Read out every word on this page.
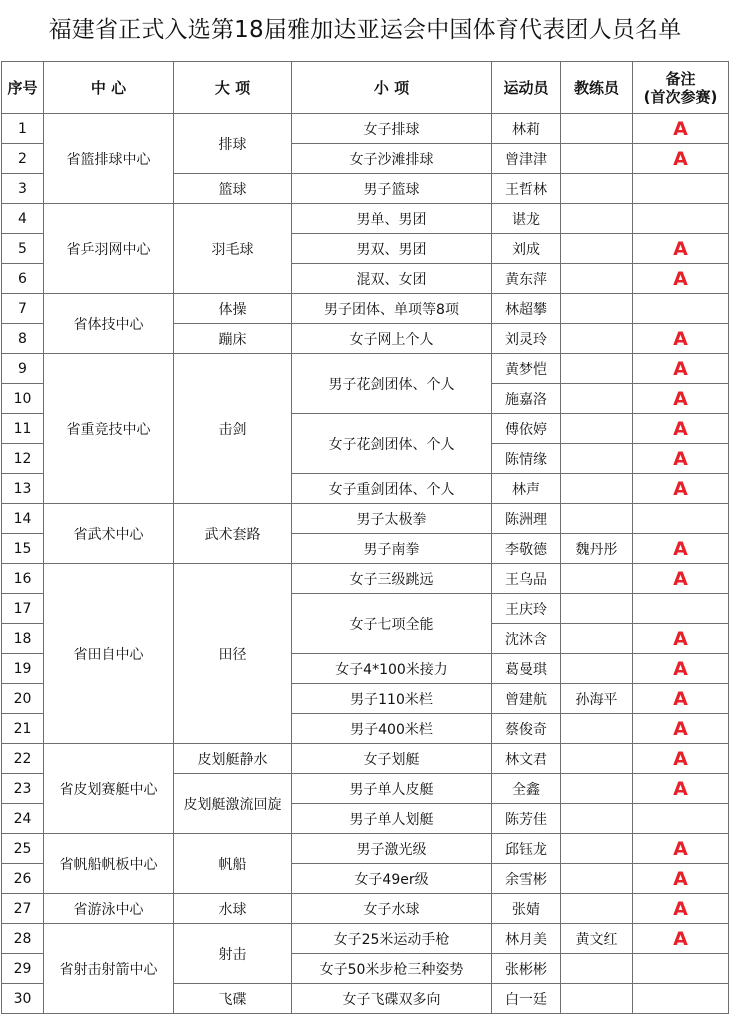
福建省正式入选第18届雅加达亚运会中国体育代表团人员名单
序号	中 心	大 项	小 项	运动员	教练员	备注
(首次参赛)
1	省篮排球中心	排球	女子排球	林莉		A
2			女子沙滩排球	曾津津		A
3		篮球	男子篮球	王哲林		
4	省乒羽网中心	羽毛球	男单、男团	谌龙		
5			男双、男团	刘成		A
6			混双、女团	黄东萍		A
7	省体技中心	体操	男子团体、单项等8项	林超攀		
8		蹦床	女子网上个人	刘灵玲		A
9	省重竞技中心	击剑	男子花剑团体、个人	黄梦恺		A
10				施嘉洛		A
11			女子花剑团体、个人	傅依婷		A
12				陈情缘		A
13			女子重剑团体、个人	林声		A
14	省武术中心	武术套路	男子太极拳	陈洲理		
15			男子南拳	李敬德	魏丹彤	A
16	省田自中心	田径	女子三级跳远	王乌品		A
17			女子七项全能	王庆玲		
18				沈沐含		A
19			女子4*100米接力	葛曼琪		A
20			男子110米栏	曾建航	孙海平	A
21			男子400米栏	蔡俊奇		A
22	省皮划赛艇中心	皮划艇静水	女子划艇	林文君		A
23		皮划艇激流回旋	男子单人皮艇	全鑫		A
24			男子单人划艇	陈芳佳		
25	省帆船帆板中心	帆船	男子激光级	邱钰龙		A
26			女子49er级	余雪彬		A
27	省游泳中心	水球	女子水球	张婧		A
28	省射击射箭中心	射击	女子25米运动手枪	林月美	黄文红	A
29			女子50米步枪三种姿势	张彬彬		
30		飞碟	女子飞碟双多向	白一廷		
